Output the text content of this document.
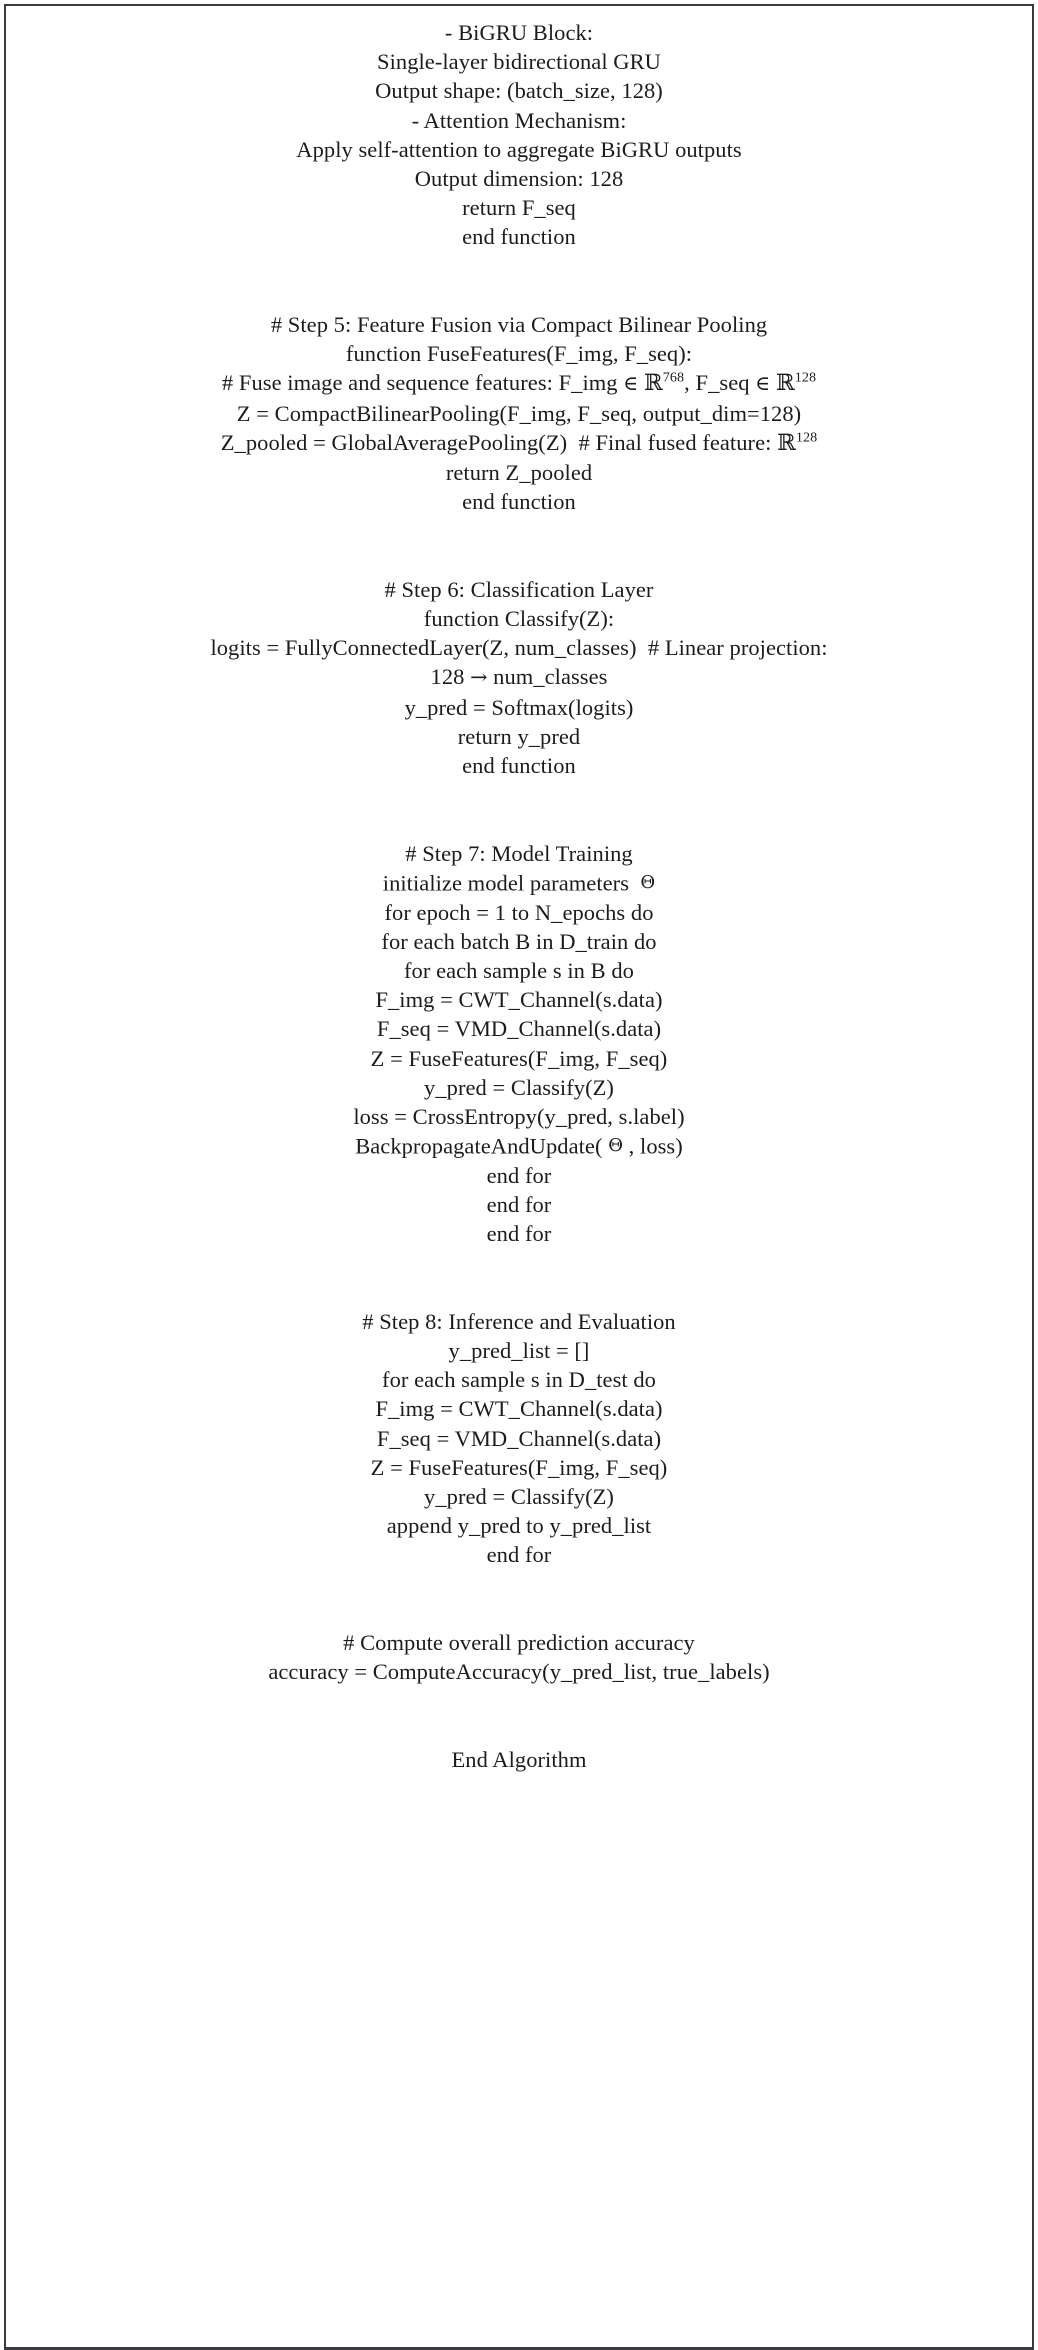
- BiGRU Block:
Single-layer bidirectional GRU
Output shape: (batch_size, 128)
- Attention Mechanism:
Apply self-attention to aggregate BiGRU outputs
Output dimension: 128
return F_seq
end function
# Step 5: Feature Fusion via Compact Bilinear Pooling
function FuseFeatures(F_img, F_seq):
# Fuse image and sequence features: F_img ∈ ℝ$^{768}$, F_seq ∈ ℝ$^{128}$
Z = CompactBilinearPooling(F_img, F_seq, output_dim=128)
Z_pooled = GlobalAveragePooling(Z)  # Final fused feature: ℝ$^{128}$
return Z_pooled
end function
# Step 6: Classification Layer
function Classify(Z):
logits = FullyConnectedLayer(Z, num_classes)  # Linear projection:
128 → num_classes
y_pred = Softmax(logits)
return y_pred
end function
# Step 7: Model Training
initialize model parameters  Θ
for epoch = 1 to N_epochs do
for each batch B in D_train do
for each sample s in B do
F_img = CWT_Channel(s.data)
F_seq = VMD_Channel(s.data)
Z = FuseFeatures(F_img, F_seq)
y_pred = Classify(Z)
loss = CrossEntropy(y_pred, s.label)
BackpropagateAndUpdate( Θ , loss)
end for
end for
end for
# Step 8: Inference and Evaluation
y_pred_list = []
for each sample s in D_test do
F_img = CWT_Channel(s.data)
F_seq = VMD_Channel(s.data)
Z = FuseFeatures(F_img, F_seq)
y_pred = Classify(Z)
append y_pred to y_pred_list
end for
# Compute overall prediction accuracy
accuracy = ComputeAccuracy(y_pred_list, true_labels)
End Algorithm
